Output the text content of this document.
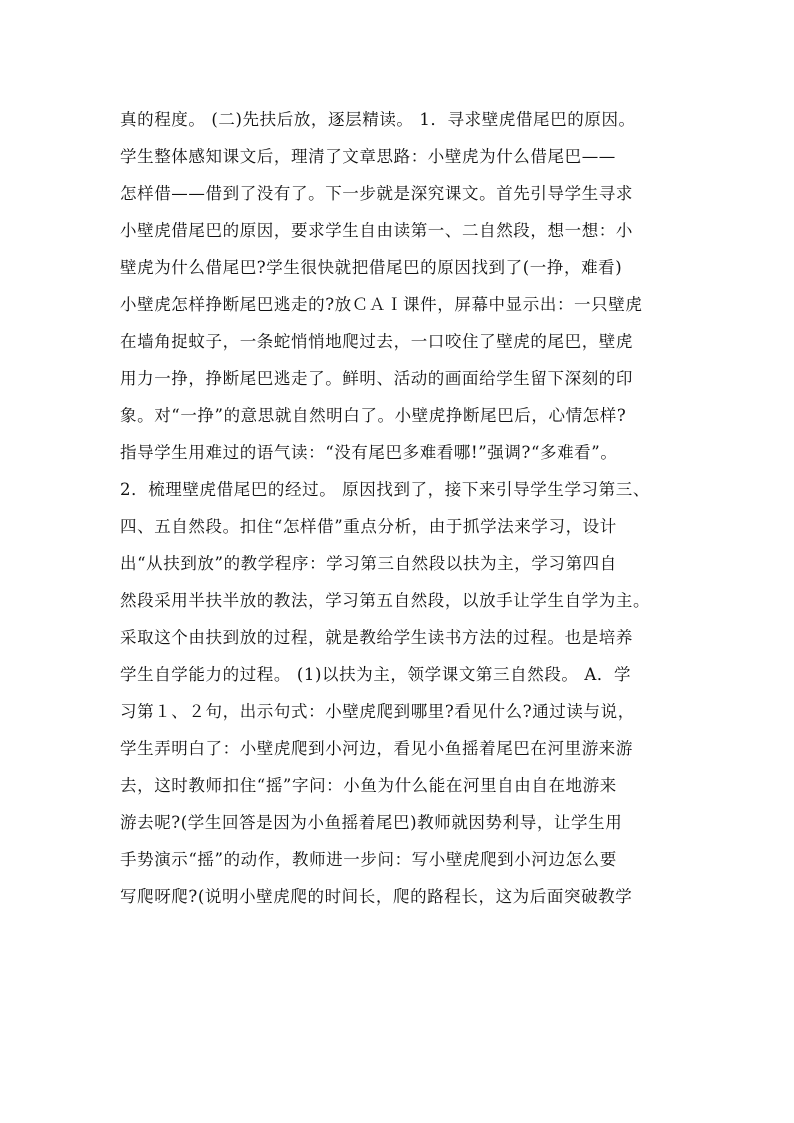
真的程度。 (二)先扶后放，逐层精读。 1．寻求壁虎借尾巴的原因。
学生整体感知课文后，理清了文章思路：小壁虎为什么借尾巴——
怎样借——借到了没有了。下一步就是深究课文。首先引导学生寻求
小壁虎借尾巴的原因，要求学生自由读第一、二自然段，想一想：小
壁虎为什么借尾巴?学生很快就把借尾巴的原因找到了(一挣，难看)
小壁虎怎样挣断尾巴逃走的?放ＣＡＩ课件，屏幕中显示出：一只壁虎
在墙角捉蚊子，一条蛇悄悄地爬过去，一口咬住了壁虎的尾巴，壁虎
用力一挣，挣断尾巴逃走了。鲜明、活动的画面给学生留下深刻的印
象。对“一挣”的意思就自然明白了。小壁虎挣断尾巴后，心情怎样?
指导学生用难过的语气读：“没有尾巴多难看哪!”强调?“多难看”。
2．梳理壁虎借尾巴的经过。 原因找到了，接下来引导学生学习第三、
四、五自然段。扣住“怎样借”重点分析，由于抓学法来学习，设计
出“从扶到放”的教学程序：学习第三自然段以扶为主，学习第四自
然段采用半扶半放的教法，学习第五自然段，以放手让学生自学为主。
采取这个由扶到放的过程，就是教给学生读书方法的过程。也是培养
学生自学能力的过程。 (1)以扶为主，领学课文第三自然段。 A．学
习第１、２句，出示句式：小壁虎爬到哪里?看见什么?通过读与说，
学生弄明白了：小壁虎爬到小河边，看见小鱼摇着尾巴在河里游来游
去，这时教师扣住“摇”字问：小鱼为什么能在河里自由自在地游来
游去呢?(学生回答是因为小鱼摇着尾巴)教师就因势利导，让学生用
手势演示“摇”的动作，教师进一步问：写小壁虎爬到小河边怎么要
写爬呀爬?(说明小壁虎爬的时间长，爬的路程长，这为后面突破教学
